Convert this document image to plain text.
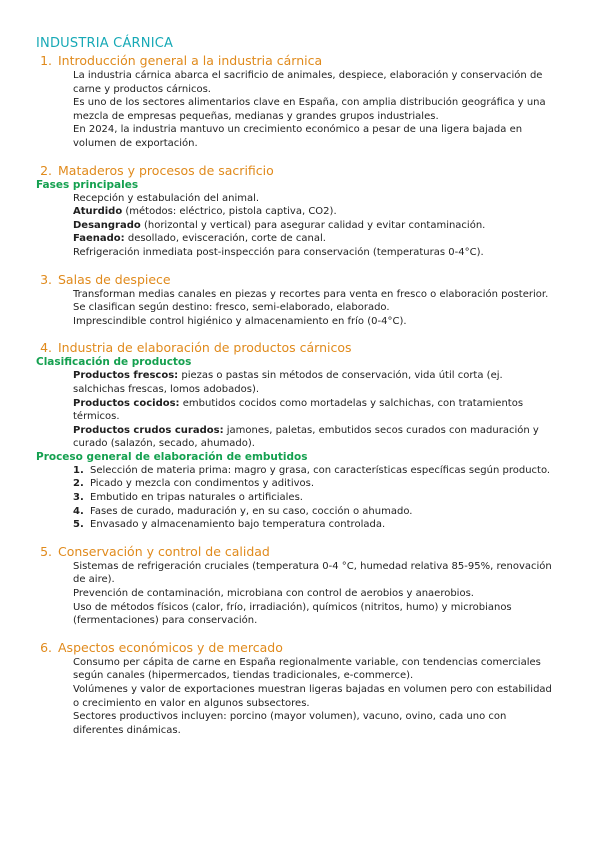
INDUSTRIA CÁRNICA
1. Introducción general a la industria cárnica

La industria cárnica abarca el sacrificio de animales, despiece, elaboración y conservación de carne y productos cárnicos.

Es uno de los sectores alimentarios clave en España, con amplia distribución geográfica y una mezcla de empresas pequeñas, medianas y grandes grupos industriales.

En 2024, la industria mantuvo un crecimiento económico a pesar de una ligera bajada en volumen de exportación.

2. Mataderos y procesos de sacrificio
Fases principales

Recepción y estabulación del animal.

Aturdido (métodos: eléctrico, pistola captiva, CO2).

Desangrado (horizontal y vertical) para asegurar calidad y evitar contaminación.

Faenado: desollado, evisceración, corte de canal.

Refrigeración inmediata post-inspección para conservación (temperaturas 0-4°C).

3. Salas de despiece

Transforman medias canales en piezas y recortes para venta en fresco o elaboración posterior.

Se clasifican según destino: fresco, semi-elaborado, elaborado.

Imprescindible control higiénico y almacenamiento en frío (0-4°C).

4. Industria de elaboración de productos cárnicos
Clasificación de productos

Productos frescos: piezas o pastas sin métodos de conservación, vida útil corta (ej. salchichas frescas, lomos adobados).

Productos cocidos: embutidos cocidos como mortadelas y salchichas, con tratamientos térmicos.

Productos crudos curados: jamones, paletas, embutidos secos curados con maduración y curado (salazón, secado, ahumado).

Proceso general de elaboración de embutidos
1. Selección de materia prima: magro y grasa, con características específicas según producto.
2. Picado y mezcla con condimentos y aditivos.
3. Embutido en tripas naturales o artificiales.
4. Fases de curado, maduración y, en su caso, cocción o ahumado.
5. Envasado y almacenamiento bajo temperatura controlada.
5. Conservación y control de calidad

Sistemas de refrigeración cruciales (temperatura 0-4 °C, humedad relativa 85-95%, renovación de aire).

Prevención de contaminación, microbiana con control de aerobios y anaerobios.

Uso de métodos físicos (calor, frío, irradiación), químicos (nitritos, humo) y microbianos (fermentaciones) para conservación.

6. Aspectos económicos y de mercado

Consumo per cápita de carne en España regionalmente variable, con tendencias comerciales según canales (hipermercados, tiendas tradicionales, e-commerce).

Volúmenes y valor de exportaciones muestran ligeras bajadas en volumen pero con estabilidad o crecimiento en valor en algunos subsectores.

Sectores productivos incluyen: porcino (mayor volumen), vacuno, ovino, cada uno con diferentes dinámicas.
